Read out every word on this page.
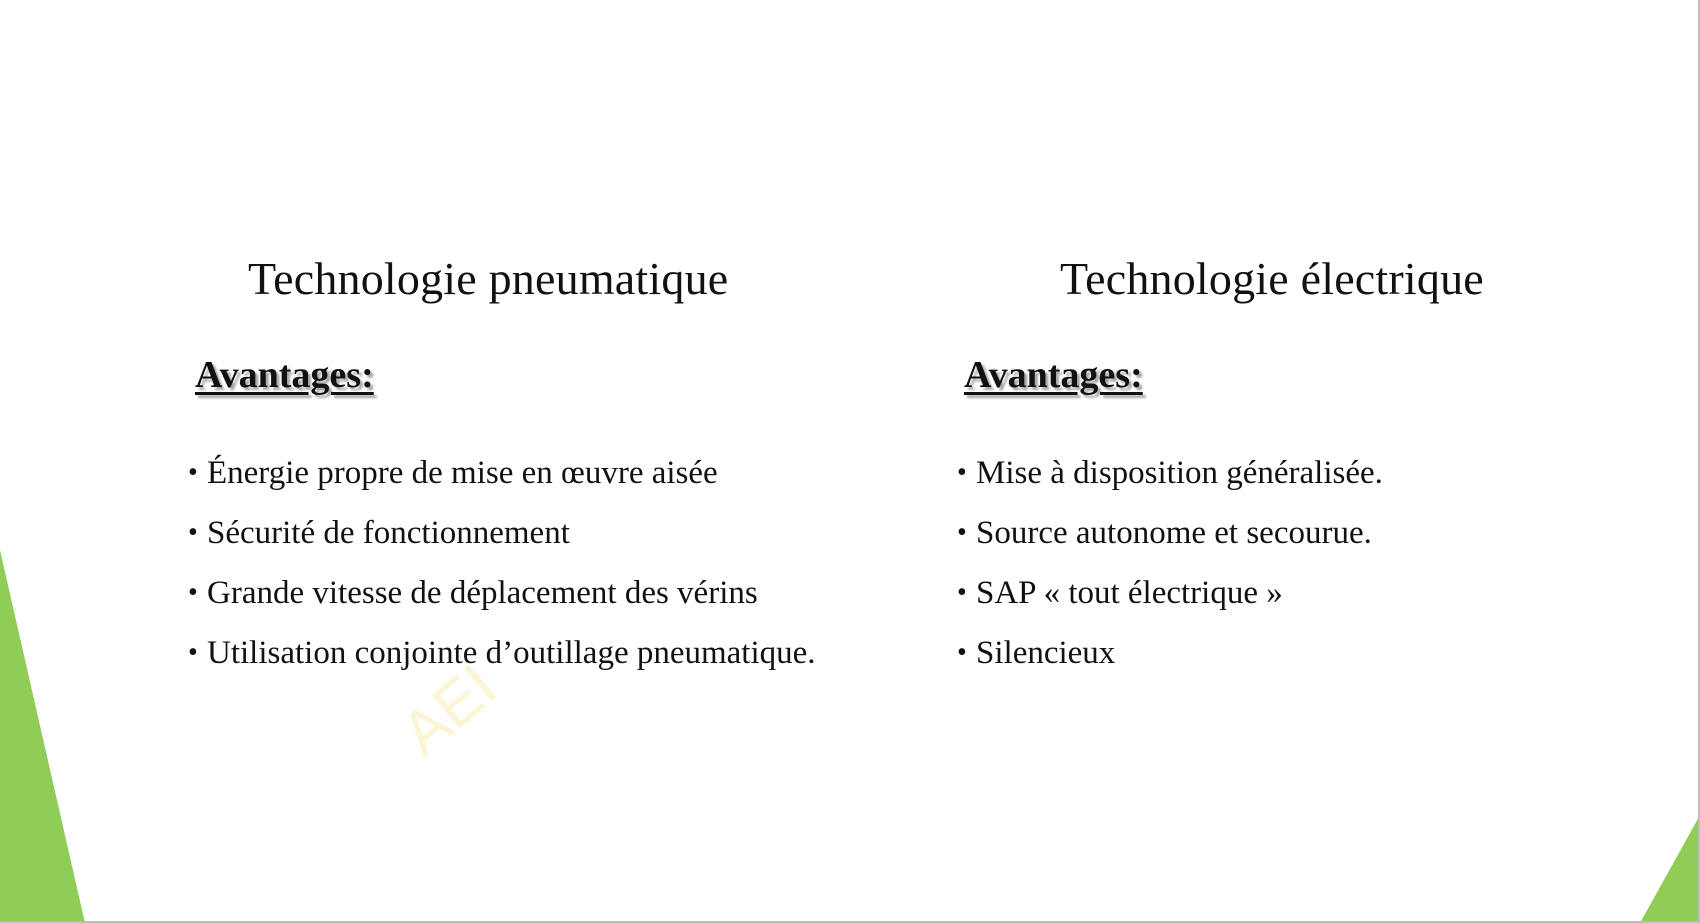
Technologie pneumatique
Avantages:
• Énergie propre de mise en œuvre aisée
• Sécurité de fonctionnement
• Grande vitesse de déplacement des vérins
• Utilisation conjointe d’outillage pneumatique.
Technologie électrique
Avantages:
• Mise à disposition généralisée.
• Source autonome et secourue.
• SAP « tout électrique »
• Silencieux
AEI
